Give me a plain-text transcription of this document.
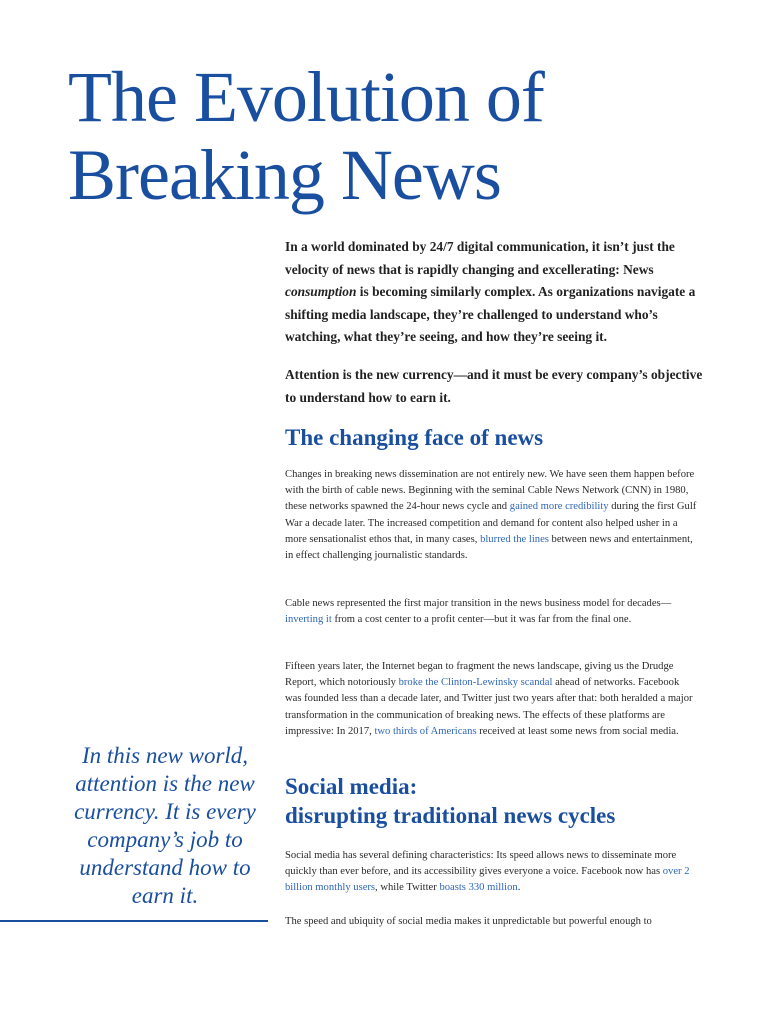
The Evolution of
Breaking News

In a world dominated by 24/7 digital communication, it isn’t just the velocity of news that is rapidly changing and excellerating: News consumption is becoming similarly complex. As organizations navigate a shifting media landscape, they’re challenged to understand who’s watching, what they’re seeing, and how they’re seeing it.

Attention is the new currency—and it must be every company’s objective to understand how to earn it.

The changing face of news

Changes in breaking news dissemination are not entirely new. We have seen them happen before with the birth of cable news. Beginning with the seminal Cable News Network (CNN) in 1980, these networks spawned the 24-hour news cycle and gained more credibility during the first Gulf War a decade later. The increased competition and demand for content also helped usher in a more sensationalist ethos that, in many cases, blurred the lines between news and entertainment, in effect challenging journalistic standards.

Cable news represented the first major transition in the news business model for decades—inverting it from a cost center to a profit center—but it was far from the final one.

Fifteen years later, the Internet began to fragment the news landscape, giving us the Drudge Report, which notoriously broke the Clinton-Lewinsky scandal ahead of networks. Facebook was founded less than a decade later, and Twitter just two years after that: both heralded a major transformation in the communication of breaking news. The effects of these platforms are impressive: In 2017, two thirds of Americans received at least some news from social media.

In this new world, attention is the new currency. It is every company’s job to understand how to earn it.
Social media:
disrupting traditional news cycles

Social media has several defining characteristics: Its speed allows news to disseminate more quickly than ever before, and its accessibility gives everyone a voice. Facebook now has over 2 billion monthly users, while Twitter boasts 330 million.

The speed and ubiquity of social media makes it unpredictable but powerful enough to
